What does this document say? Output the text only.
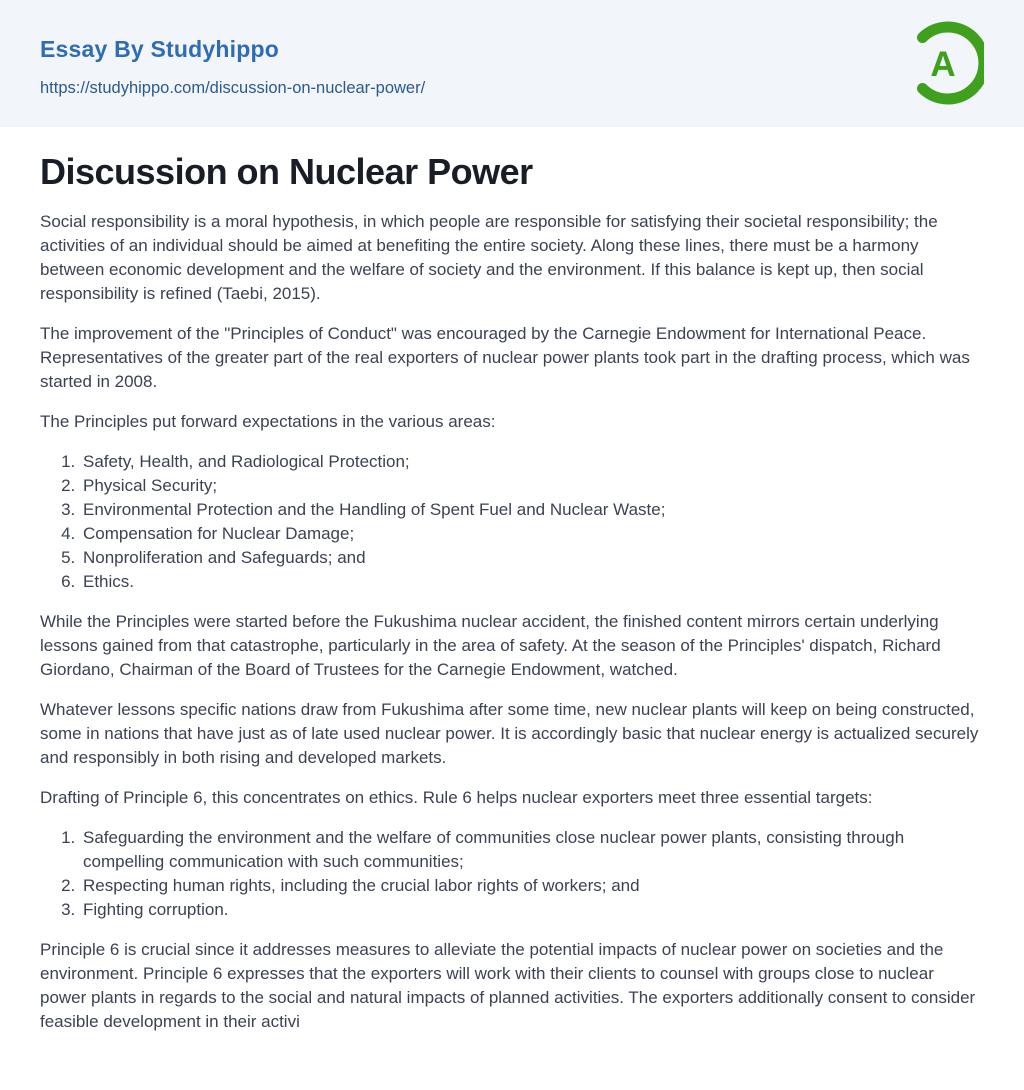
Essay By Studyhippo
https://studyhippo.com/discussion-on-nuclear-power/
A
Discussion on Nuclear Power

Social responsibility is a moral hypothesis, in which people are responsible for satisfying their societal responsibility; the activities of an individual should be aimed at benefiting the entire society. Along these lines, there must be a harmony between economic development and the welfare of society and the environment. If this balance is kept up, then social responsibility is refined (Taebi, 2015).

The improvement of the "Principles of Conduct" was encouraged by the Carnegie Endowment for International Peace. Representatives of the greater part of the real exporters of nuclear power plants took part in the drafting process, which was started in 2008.

The Principles put forward expectations in the various areas:

1. Safety, Health, and Radiological Protection;
2. Physical Security;
3. Environmental Protection and the Handling of Spent Fuel and Nuclear Waste;
4. Compensation for Nuclear Damage;
5. Nonproliferation and Safeguards; and
6. Ethics.

While the Principles were started before the Fukushima nuclear accident, the finished content mirrors certain underlying lessons gained from that catastrophe, particularly in the area of safety. At the season of the Principles' dispatch, Richard Giordano, Chairman of the Board of Trustees for the Carnegie Endowment, watched.

Whatever lessons specific nations draw from Fukushima after some time, new nuclear plants will keep on being constructed, some in nations that have just as of late used nuclear power. It is accordingly basic that nuclear energy is actualized securely and responsibly in both rising and developed markets.

Drafting of Principle 6, this concentrates on ethics. Rule 6 helps nuclear exporters meet three essential targets:

1. Safeguarding the environment and the welfare of communities close nuclear power plants, consisting through compelling communication with such communities;
2. Respecting human rights, including the crucial labor rights of workers; and
3. Fighting corruption.

Principle 6 is crucial since it addresses measures to alleviate the potential impacts of nuclear power on societies and the environment. Principle 6 expresses that the exporters will work with their clients to counsel with groups close to nuclear power plants in regards to the social and natural impacts of planned activities. The exporters additionally consent to consider feasible development in their activi
